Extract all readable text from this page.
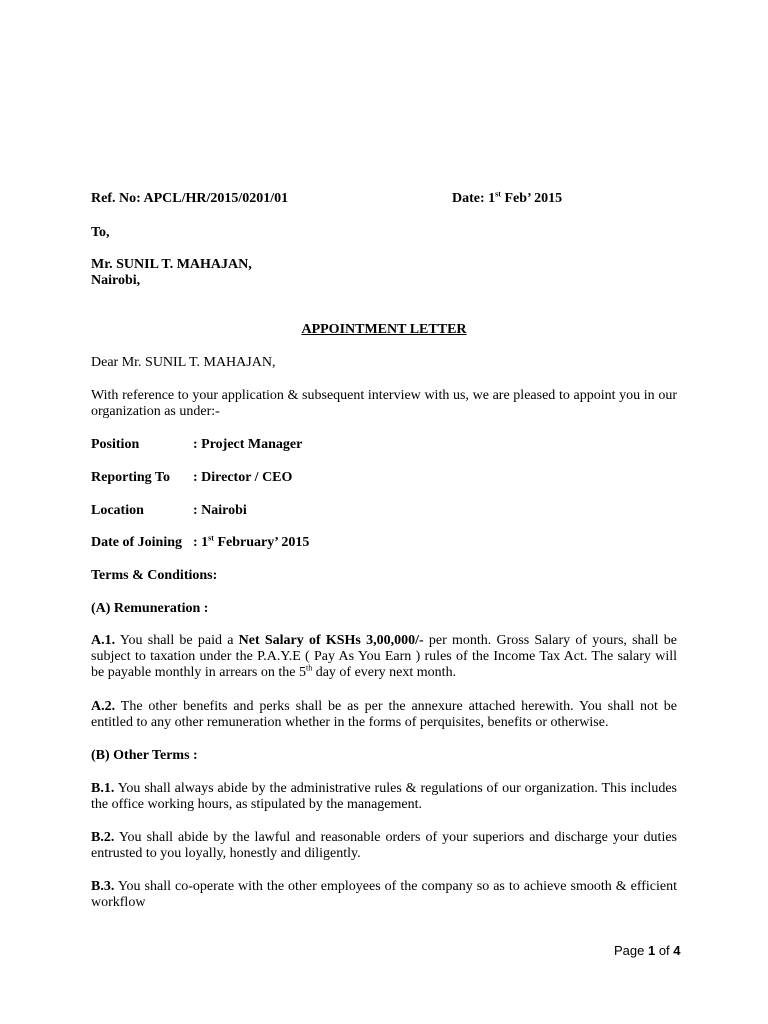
Ref. No: APCL/HR/2015/0201/01	Date: 1st Feb’ 2015
To,
Mr. SUNIL T. MAHAJAN,
Nairobi,
APPOINTMENT LETTER
Dear Mr. SUNIL T. MAHAJAN,
With reference to your application & subsequent interview with us, we are pleased to appoint you in our organization as under:-
Position	: Project Manager
Reporting To : Director / CEO
Location	: Nairobi
Date of Joining : 1st February’ 2015
Terms & Conditions:
(A) Remuneration :
A.1. You shall be paid a Net Salary of KSHs 3,00,000/- per month. Gross Salary of yours, shall be subject to taxation under the P.A.Y.E ( Pay As You Earn ) rules of the Income Tax Act. The salary will be payable monthly in arrears on the 5th day of every next month.
A.2. The other benefits and perks shall be as per the annexure attached herewith. You shall not be entitled to any other remuneration whether in the forms of perquisites, benefits or otherwise.
(B) Other Terms :
B.1. You shall always abide by the administrative rules & regulations of our organization. This includes the office working hours, as stipulated by the management.
B.2. You shall abide by the lawful and reasonable orders of your superiors and discharge your duties entrusted to you loyally, honestly and diligently.
B.3. You shall co-operate with the other employees of the company so as to achieve smooth & efficient workflow
Page 1 of 4
